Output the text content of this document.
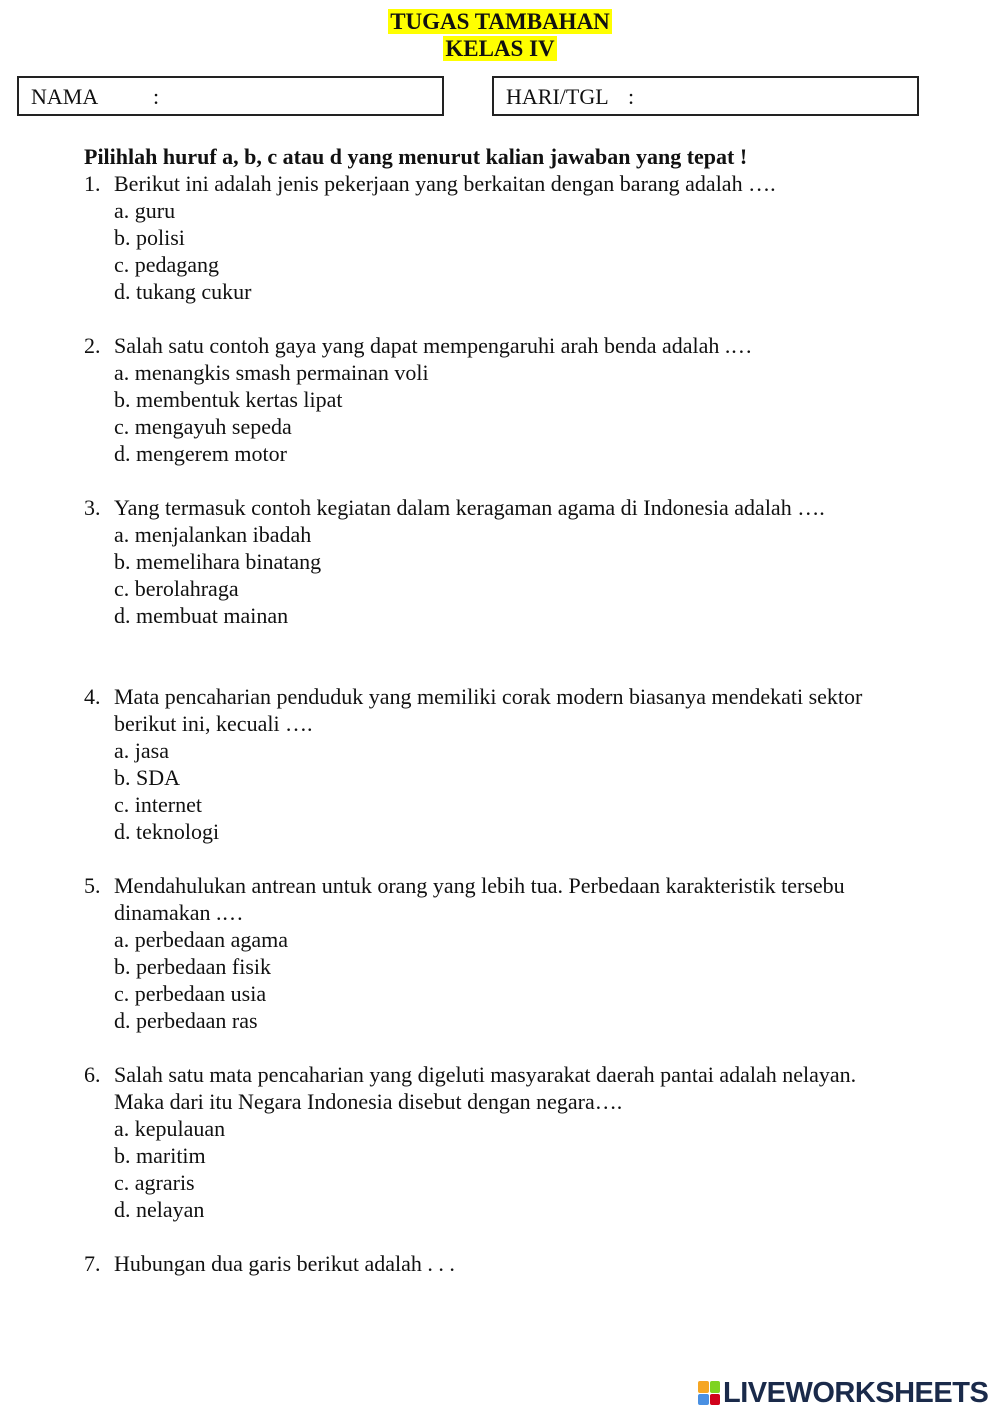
TUGAS TAMBAHAN
KELAS IV
NAMA :	HARI/TGL :
Pilihlah huruf a, b, c atau d yang menurut kalian jawaban yang tepat !
1. Berikut ini adalah jenis pekerjaan yang berkaitan dengan barang adalah ….
a. guru
b. polisi
c. pedagang
d. tukang cukur
2. Salah satu contoh gaya yang dapat mempengaruhi arah benda adalah .…
a. menangkis smash permainan voli
b. membentuk kertas lipat
c. mengayuh sepeda
d. mengerem motor
3. Yang termasuk contoh kegiatan dalam keragaman agama di Indonesia adalah ….
a. menjalankan ibadah
b. memelihara binatang
c. berolahraga
d. membuat mainan
4. Mata pencaharian penduduk yang memiliki corak modern biasanya mendekati sektor berikut ini, kecuali ….
a. jasa
b. SDA
c. internet
d. teknologi
5. Mendahulukan antrean untuk orang yang lebih tua. Perbedaan karakteristik tersebu dinamakan .…
a. perbedaan agama
b. perbedaan fisik
c. perbedaan usia
d. perbedaan ras
6. Salah satu mata pencaharian yang digeluti masyarakat daerah pantai adalah nelayan. Maka dari itu Negara Indonesia disebut dengan negara….
a. kepulauan
b. maritim
c. agraris
d. nelayan
7. Hubungan dua garis berikut adalah . . .
LIVEWORKSHEETS
